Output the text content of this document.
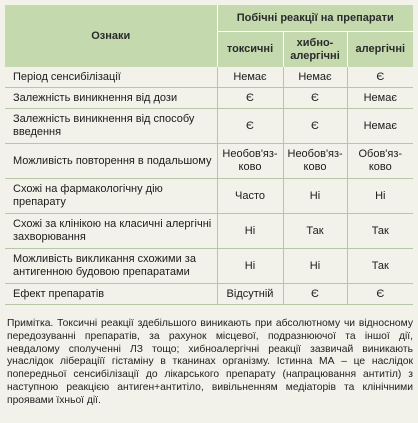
Ознаки	Побічні реакції на препарати		
	токсичні	хибно-алергічні	алергічні
Період сенсибілізації	Немає	Немає	Є
Залежність виникнення від дози	Є	Є	Немає
Залежність виникнення від способу введення	Є	Є	Немає
Можливість повторення в подальшому	Необов'яз-ково	Необов'яз-ково	Обов'яз-ково
Схожі на фармакологічну дію препарату	Часто	Ні	Ні
Схожі за клінікою на класичні алергічні захворювання	Ні	Так	Так
Можливість викликання схожими за антигенною будовою препаратами	Ні	Ні	Так
Ефект препаратів	Відсутній	Є	Є

Примітка. Токсичні реакції здебільшого виникають при абсолютному чи відносному передозуванні препаратів, за рахунок місцевої, подразнюючої та іншої дії, невдалому сполученні ЛЗ тощо; хибноалергічні реакції зазвичай виникають унаслідок лібераціїї гістаміну в тканинах організму. Істинна МА – це наслідок попередньої сенсибілізації до лікарського препарату (напрацювання антитіл) з наступною реакцією антиген+антитіло, вивільненням медіаторів та клінічними проявами їхньої дії.
